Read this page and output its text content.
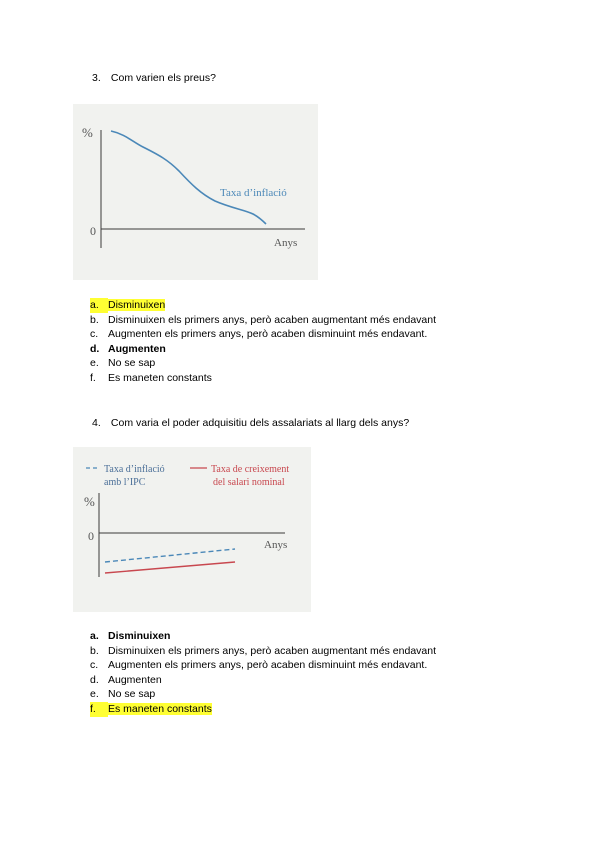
3. Com varien els preus?
%
0
Anys
Taxa d’inflació
a. Disminuixen
b. Disminuixen els primers anys, però acaben augmentant més endavant
c. Augmenten els primers anys, però acaben disminuint més endavant.
d. Augmenten
e. No se sap
f. Es maneten constants
4. Com varia el poder adquisitiu dels assalariats al llarg dels anys?
Taxa d’inflació
amb l’IPC
Taxa de creixement
del salari nominal
%
0
Anys
a. Disminuixen
b. Disminuixen els primers anys, però acaben augmentant més endavant
c. Augmenten els primers anys, però acaben disminuint més endavant.
d. Augmenten
e. No se sap
f. Es maneten constants
